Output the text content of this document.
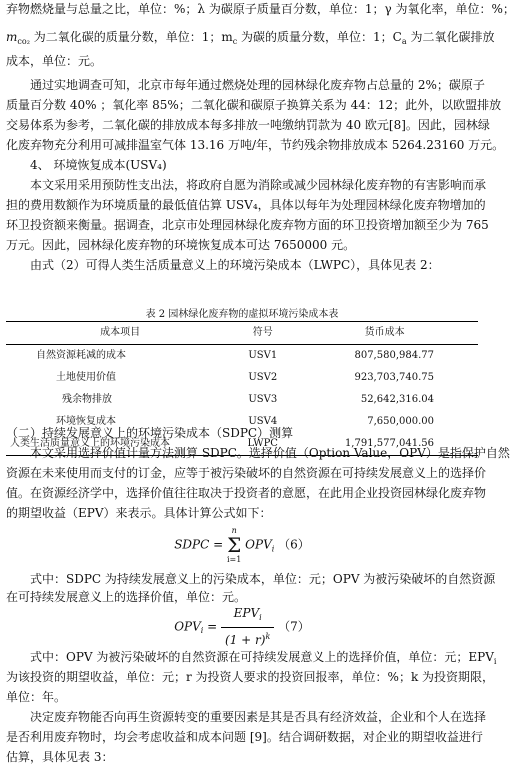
弃物燃烧量与总量之比，单位：%；λ 为碳原子质量百分数，单位：1；γ 为氧化率，单位：%；
$m_{co_2}$ 为二氧化碳的质量分数，单位：1；$m_c$ 为碳的质量分数，单位：1；$C_a$ 为二氧化碳排放
成本，单位：元。
通过实地调查可知，北京市每年通过燃烧处理的园林绿化废弃物占总量的 2%；碳原子
质量百分数 40% ；氧化率 85%；二氧化碳和碳原子换算关系为 44：12；此外，以欧盟排放
交易体系为参考，二氧化碳的排放成本每多排放一吨缴纳罚款为 40 欧元[8]。因此，园林绿
化废弃物充分利用可减排温室气体 13.16 万吨/年，节约残余物排放成本 5264.23160 万元。
4、 环境恢复成本(USV₄)
本文采用采用预防性支出法，将政府自愿为消除或减少园林绿化废弃物的有害影响而承
担的费用数额作为环境质量的最低值估算 USV₄，具体以每年为处理园林绿化废弃物增加的
环卫投资额来衡量。据调查，北京市处理园林绿化废弃物方面的环卫投资增加额至少为 765
万元。因此，园林绿化废弃物的环境恢复成本可达 7650000 元。
由式（2）可得人类生活质量意义上的环境污染成本（LWPC），具体见表 2：
表 2 园林绿化废弃物的虚拟环境污染成本表
成本项目	符号	货币成本
自然资源耗减的成本	USV1	807,580,984.77
土地使用价值	USV2	923,703,740.75
残余物排放	USV3	52,642,316.04
环境恢复成本	USV4	7,650,000.00
人类生活质量意义上的环境污染成本	LWPC	1,791,577,041.56
（二）持续发展意义上的环境污染成本（SDPC）测算
本文采用选择价值计量方法测算 SDPC。选择价值（Option Value，OPV）是指保护自然
资源在未来使用而支付的订金，应等于被污染破坏的自然资源在可持续发展意义上的选择价
值。在资源经济学中，选择价值往往取决于投资者的意愿，在此用企业投资园林绿化废弃物
的期望收益（EPV）来表示。具体计算公式如下：
SDPC =
n
Σ
i=1
$OPV_i$ （6）
式中：SDPC 为持续发展意义上的污染成本，单位：元；OPV 为被污染破坏的自然资源
在可持续发展意义上的选择价值，单位：元。
$OPV_i = \frac{EPV_i}{(1 + r)^k} (7)$
式中：OPV 为被污染破坏的自然资源在可持续发展意义上的选择价值，单位：元；$EPV_i$
为该投资的期望收益，单位：元；r 为投资人要求的投资回报率，单位：%；k 为投资期限，
单位：年。
决定废弃物能否向再生资源转变的重要因素是其是否具有经济效益，企业和个人在选择
是否利用废弃物时，均会考虑收益和成本问题 [9]。结合调研数据，对企业的期望收益进行
估算，具体见表 3：
